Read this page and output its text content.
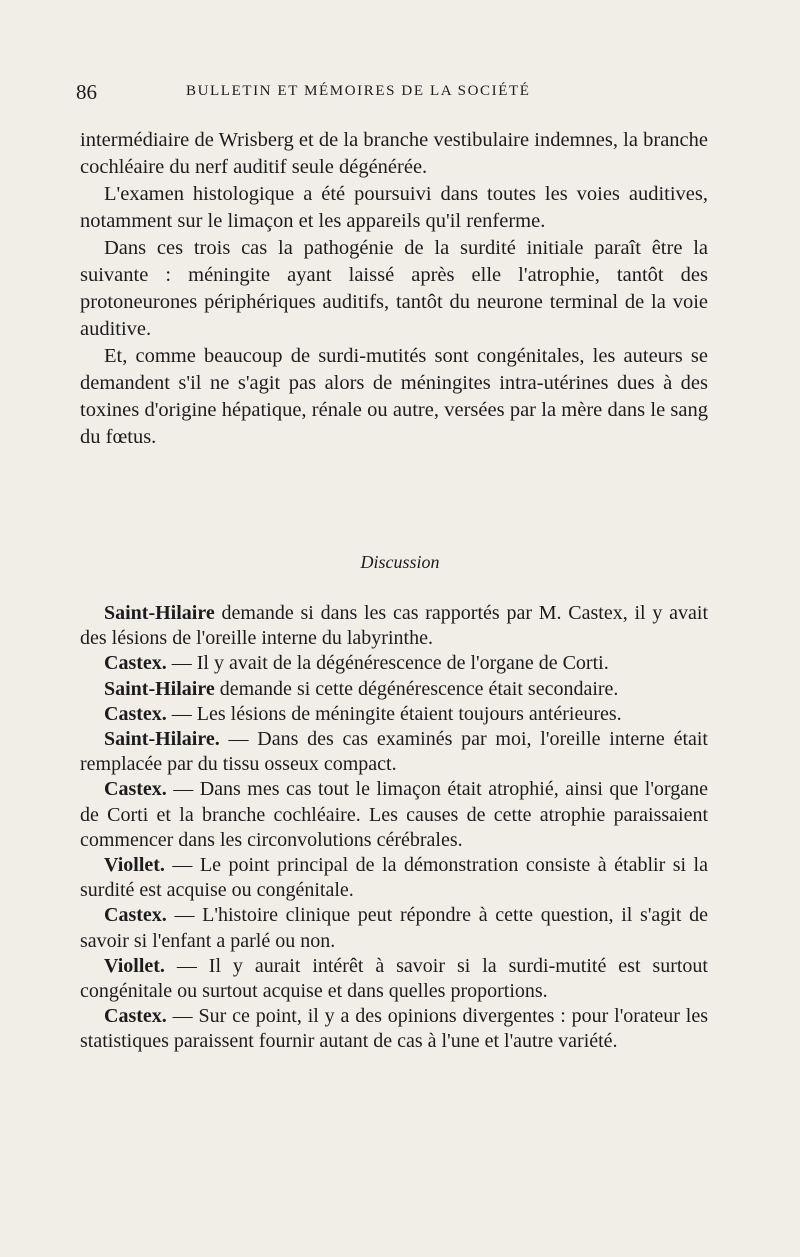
86	BULLETIN ET MÉMOIRES DE LA SOCIÉTÉ

intermédiaire de Wrisberg et de la branche vestibulaire indemnes, la branche cochléaire du nerf auditif seule dégénérée.

L'examen histologique a été poursuivi dans toutes les voies auditives, notamment sur le limaçon et les appareils qu'il renferme.

Dans ces trois cas la pathogénie de la surdité initiale paraît être la suivante : méningite ayant laissé après elle l'atrophie, tantôt des protoneurones périphériques auditifs, tantôt du neurone terminal de la voie auditive.

Et, comme beaucoup de surdi-mutités sont congénitales, les auteurs se demandent s'il ne s'agit pas alors de méningites intra-utérines dues à des toxines d'origine hépatique, rénale ou autre, versées par la mère dans le sang du fœtus.

Discussion

Saint-Hilaire demande si dans les cas rapportés par M. Castex, il y avait des lésions de l'oreille interne du labyrinthe.

Castex. — Il y avait de la dégénérescence de l'organe de Corti.

Saint-Hilaire demande si cette dégénérescence était secondaire.

Castex. — Les lésions de méningite étaient toujours antérieures.

Saint-Hilaire. — Dans des cas examinés par moi, l'oreille interne était remplacée par du tissu osseux compact.

Castex. — Dans mes cas tout le limaçon était atrophié, ainsi que l'organe de Corti et la branche cochléaire. Les causes de cette atrophie paraissaient commencer dans les circonvolutions cérébrales.

Viollet. — Le point principal de la démonstration consiste à établir si la surdité est acquise ou congénitale.

Castex. — L'histoire clinique peut répondre à cette question, il s'agit de savoir si l'enfant a parlé ou non.

Viollet. — Il y aurait intérêt à savoir si la surdi-mutité est surtout congénitale ou surtout acquise et dans quelles proportions.

Castex. — Sur ce point, il y a des opinions divergentes : pour l'orateur les statistiques paraissent fournir autant de cas à l'une et l'autre variété.
